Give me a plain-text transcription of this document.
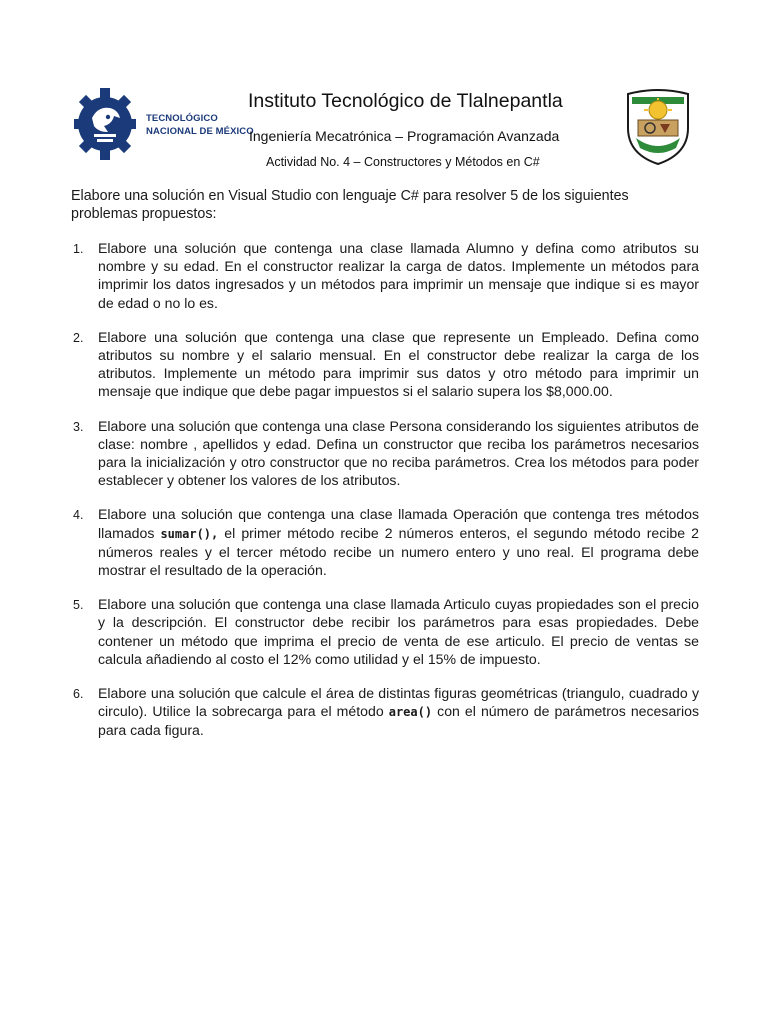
TECNOLÓGICO
NACIONAL DE MÉXICO
Instituto Tecnológico de Tlalnepantla
Ingeniería Mecatrónica – Programación Avanzada
Actividad No. 4 – Constructores y Métodos en C#
Elabore una solución en Visual Studio con lenguaje C# para resolver 5 de los siguientes problemas propuestos:
1. Elabore una solución que contenga una clase llamada Alumno y defina como atributos su nombre y su edad. En el constructor realizar la carga de datos. Implemente un métodos para imprimir los datos ingresados y un métodos para imprimir un mensaje que indique si es mayor de edad o no lo es.
2. Elabore una solución que contenga una clase que represente un Empleado. Defina como atributos su nombre y el salario mensual. En el constructor debe realizar la carga de los atributos. Implemente un método para imprimir sus datos y otro método para imprimir un mensaje que indique que debe pagar impuestos si el salario supera los $8,000.00.
3. Elabore una solución que contenga una clase Persona considerando los siguientes atributos de clase: nombre , apellidos y edad. Defina un constructor que reciba los parámetros necesarios para la inicialización y otro constructor que no reciba parámetros. Crea los métodos para poder establecer y obtener los valores de los atributos.
4. Elabore una solución que contenga una clase llamada Operación que contenga tres métodos llamados sumar(), el primer método recibe 2 números enteros, el segundo método recibe 2 números reales y el tercer método recibe un numero entero y uno real. El programa debe mostrar el resultado de la operación.
5. Elabore una solución que contenga una clase llamada Articulo cuyas propiedades son el precio y la descripción. El constructor debe recibir los parámetros para esas propiedades. Debe contener un método que imprima el precio de venta de ese articulo. El precio de ventas se calcula añadiendo al costo el 12% como utilidad y el 15% de impuesto.
6. Elabore una solución que calcule el área de distintas figuras geométricas (triangulo, cuadrado y circulo). Utilice la sobrecarga para el método area() con el número de parámetros necesarios para cada figura.
